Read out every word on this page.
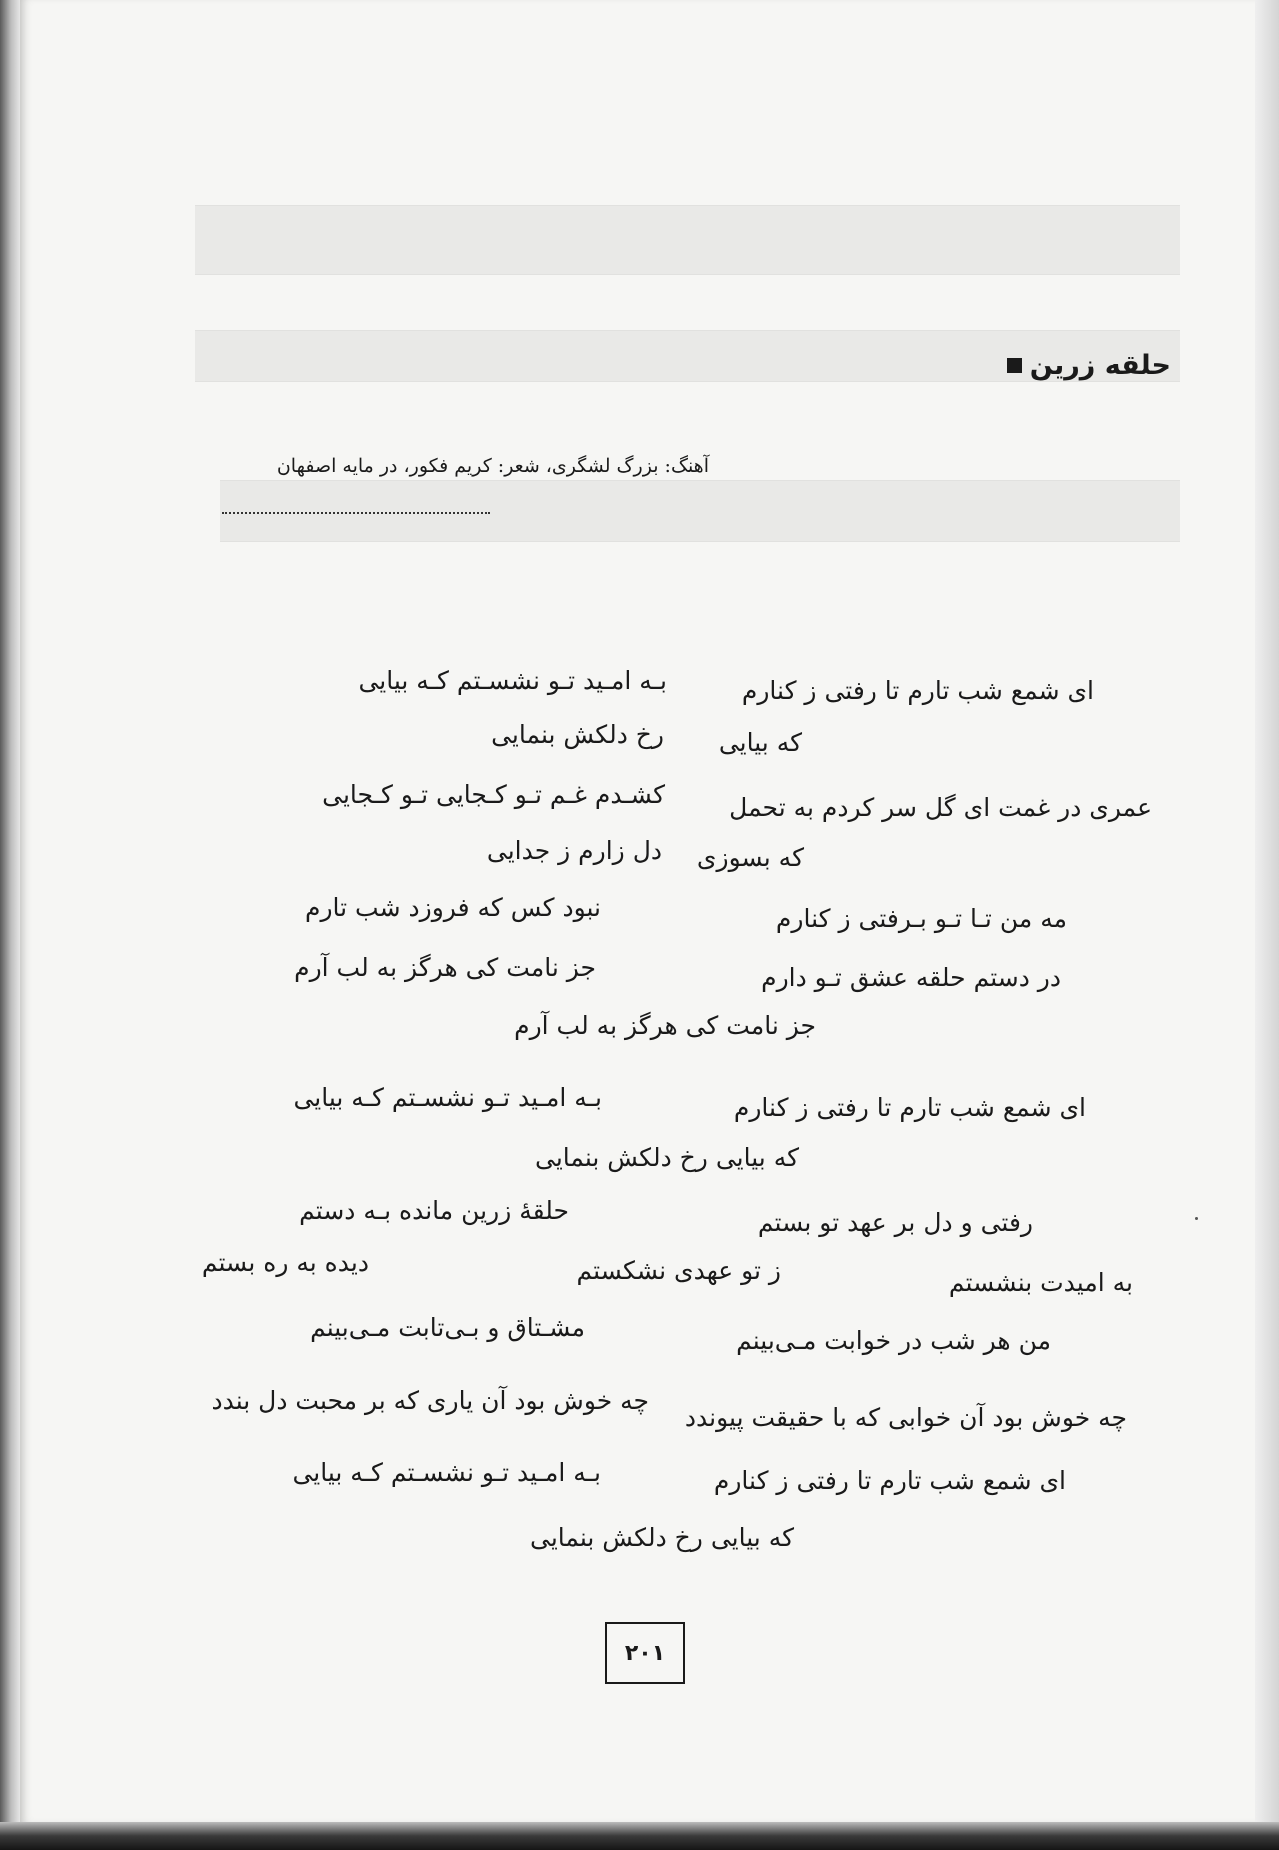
حلقه زرین
آهنگ: بزرگ لشگری، شعر: کریم فکور، در مایه اصفهان
ای شمع شب تارم تا رفتی ز کنارم
بـه امـید تـو نشسـتم کـه بیایی
که بیایی
رخ دلکش بنمایی
عمری در غمت ای گل سر کردم به تحمل
کشـدم غـم تـو کـجایی تـو کـجایی
که بسوزی
دل زارم ز جدایی
مه من تـا تـو بـرفتی ز کنارم
نبود کس که فروزد شب تارم
در دستم حلقه عشق تـو دارم
جز نامت کی هرگز به لب آرم
جز نامت کی هرگز به لب آرم
ای شمع شب تارم تا رفتی ز کنارم
بـه امـید تـو نشسـتم کـه بیایی
که بیایی رخ دلکش بنمایی
رفتی و دل بر عهد تو بستم
حلقهٔ زرین مانده بـه دستم
به امیدت بنشستم
ز تو عهدی نشکستم
دیده به ره بستم
من هر شب در خوابت مـی‌بینم
مشـتاق و بـی‌تابت مـی‌بینم
چه خوش بود آن خوابی که با حقیقت پیوندد
چه خوش بود آن یاری که بر محبت دل بندد
ای شمع شب تارم تا رفتی ز کنارم
بـه امـید تـو نشسـتم کـه بیایی
که بیایی رخ دلکش بنمایی
۲۰۱
